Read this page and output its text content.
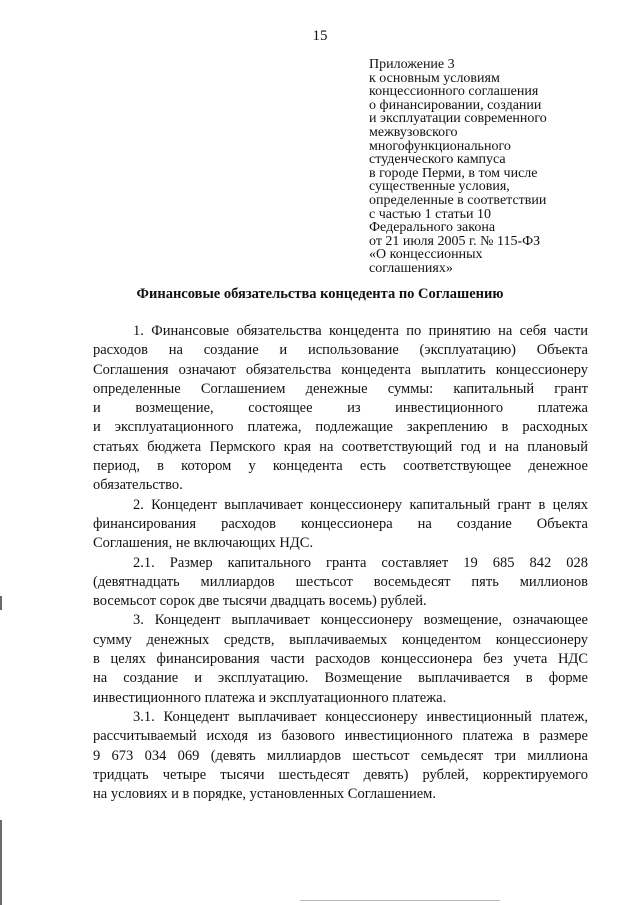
15
Приложение 3
к основным условиям
концессионного соглашения
о финансировании, создании
и эксплуатации современного
межвузовского
многофункционального
студенческого кампуса
в городе Перми, в том числе
существенные условия,
определенные в соответствии
с частью 1 статьи 10
Федерального закона
от 21 июля 2005 г. № 115-ФЗ
«О концессионных
соглашениях»
Финансовые обязательства концедента по Соглашению
1. Финансовые обязательства концедента по принятию на себя части
расходов на создание и использование (эксплуатацию) Объекта
Соглашения означают обязательства концедента выплатить концессионеру
определенные Соглашением денежные суммы: капитальный грант
и возмещение, состоящее из инвестиционного платежа
и эксплуатационного платежа, подлежащие закреплению в расходных
статьях бюджета Пермского края на соответствующий год и на плановый
период, в котором у концедента есть соответствующее денежное
обязательство.
2. Концедент выплачивает концессионеру капитальный грант в целях
финансирования расходов концессионера на создание Объекта
Соглашения, не включающих НДС.
2.1. Размер капитального гранта составляет 19 685 842 028
(девятнадцать миллиардов шестьсот восемьдесят пять миллионов
восемьсот сорок две тысячи двадцать восемь) рублей.
3. Концедент выплачивает концессионеру возмещение, означающее
сумму денежных средств, выплачиваемых концедентом концессионеру
в целях финансирования части расходов концессионера без учета НДС
на создание и эксплуатацию. Возмещение выплачивается в форме
инвестиционного платежа и эксплуатационного платежа.
3.1. Концедент выплачивает концессионеру инвестиционный платеж,
рассчитываемый исходя из базового инвестиционного платежа в размере
9 673 034 069 (девять миллиардов шестьсот семьдесят три миллиона
тридцать четыре тысячи шестьдесят девять) рублей, корректируемого
на условиях и в порядке, установленных Соглашением.
